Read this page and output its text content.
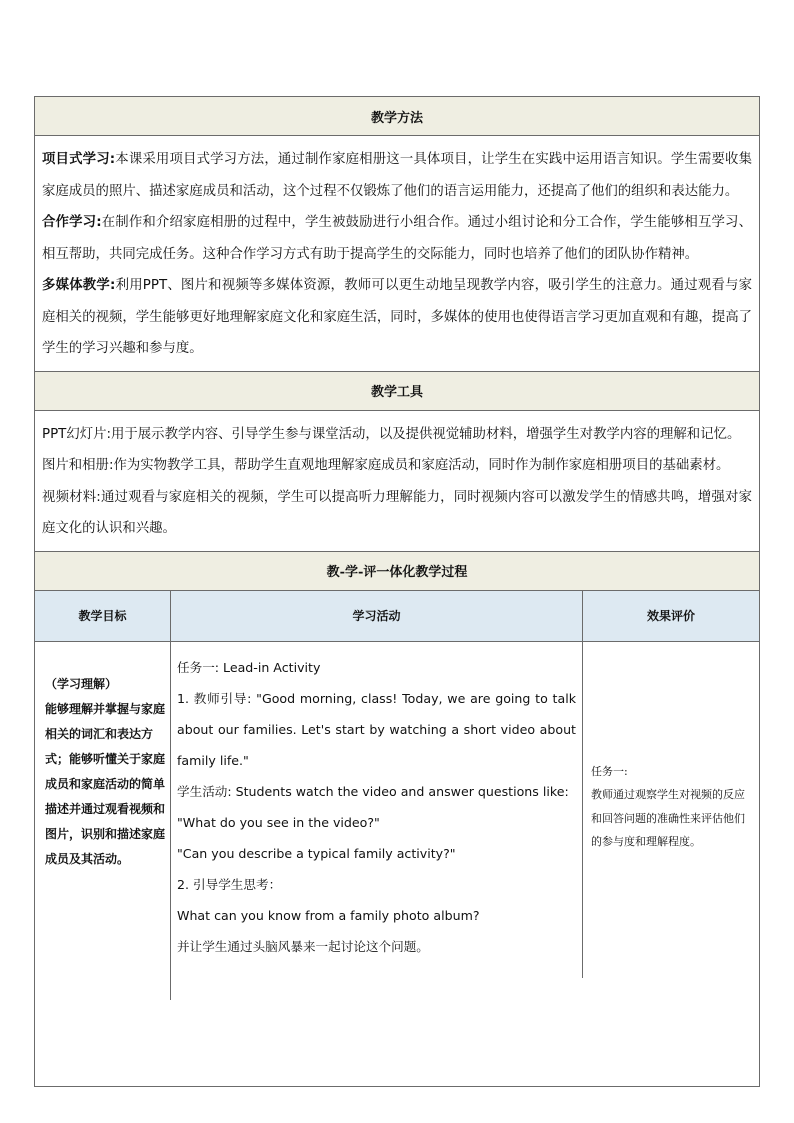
教学方法

项目式学习:本课采用项目式学习方法，通过制作家庭相册这一具体项目，让学生在实践中运用语言知识。学生需要收集家庭成员的照片、描述家庭成员和活动，这个过程不仅锻炼了他们的语言运用能力，还提高了他们的组织和表达能力。

合作学习:在制作和介绍家庭相册的过程中，学生被鼓励进行小组合作。通过小组讨论和分工合作，学生能够相互学习、相互帮助，共同完成任务。这种合作学习方式有助于提高学生的交际能力，同时也培养了他们的团队协作精神。

多媒体教学:利用PPT、图片和视频等多媒体资源，教师可以更生动地呈现教学内容，吸引学生的注意力。通过观看与家庭相关的视频，学生能够更好地理解家庭文化和家庭生活，同时，多媒体的使用也使得语言学习更加直观和有趣，提高了学生的学习兴趣和参与度。

教学工具

PPT幻灯片:用于展示教学内容、引导学生参与课堂活动，以及提供视觉辅助材料，增强学生对教学内容的理解和记忆。

图片和相册:作为实物教学工具，帮助学生直观地理解家庭成员和家庭活动，同时作为制作家庭相册项目的基础素材。

视频材料:通过观看与家庭相关的视频，学生可以提高听力理解能力，同时视频内容可以激发学生的情感共鸣，增强对家庭文化的认识和兴趣。

教-学-评一体化教学过程
教学目标	学习活动	效果评价

（学习理解）

能够理解并掌握与家庭相关的词汇和表达方式；能够听懂关于家庭成员和家庭活动的简单描述并通过观看视频和图片，识别和描述家庭成员及其活动。

任务一: Lead-in Activity

1. 教师引导: "Good morning, class! Today, we are going to talk about our families. Let's start by watching a short video about family life."

学生活动: Students watch the video and answer questions like:

"What do you see in the video?"

"Can you describe a typical family activity?"

2. 引导学生思考：

What can you know from a family photo album?

并让学生通过头脑风暴来一起讨论这个问题。

任务一:

教师通过观察学生对视频的反应和回答问题的准确性来评估他们的参与度和理解程度。
